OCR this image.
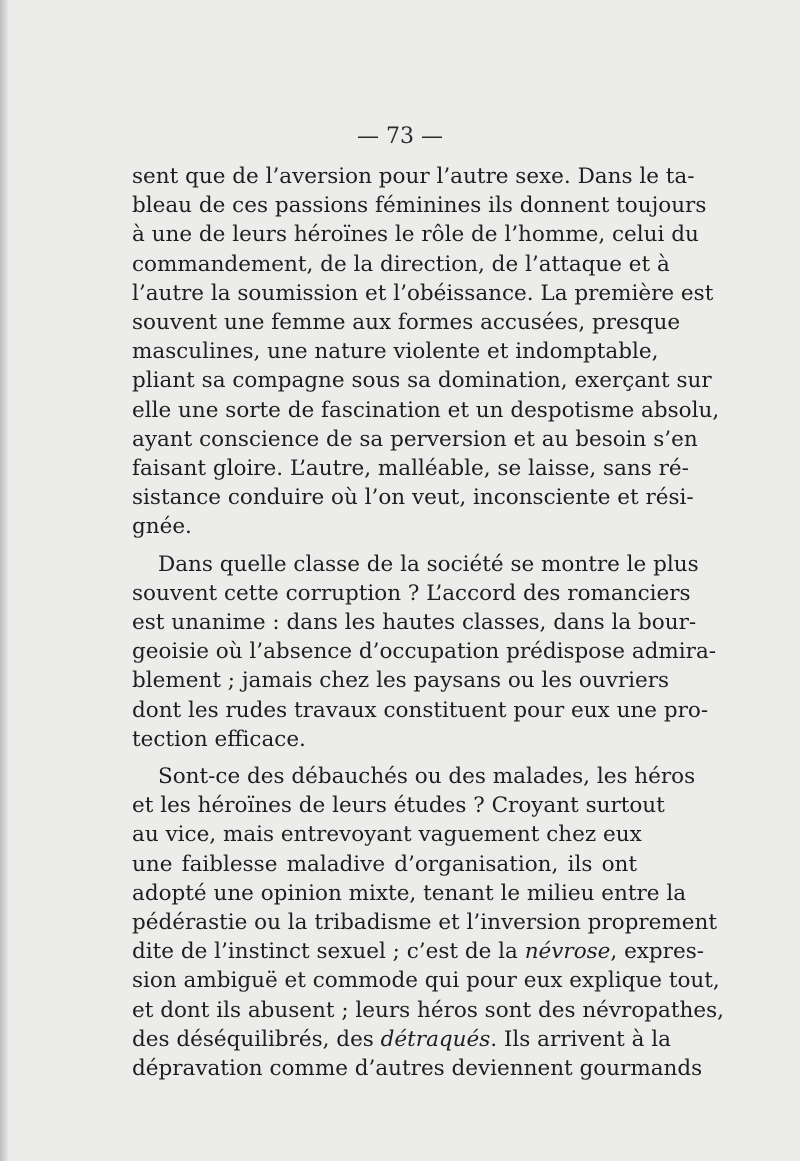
— 73 —
sent que de l’aversion pour l’autre sexe. Dans le ta-
bleau de ces passions féminines ils donnent toujours
à une de leurs héroïnes le rôle de l’homme, celui du
commandement, de la direction, de l’attaque et à
l’autre la soumission et l’obéissance. La première est
souvent une femme aux formes accusées, presque
masculines, une nature violente et indomptable,
pliant sa compagne sous sa domination, exerçant sur
elle une sorte de fascination et un despotisme absolu,
ayant conscience de sa perversion et au besoin s’en
faisant gloire. L’autre, malléable, se laisse, sans ré-
sistance conduire où l’on veut, inconsciente et rési-
gnée.
Dans quelle classe de la société se montre le plus
souvent cette corruption ? L’accord des romanciers
est unanime : dans les hautes classes, dans la bour-
geoisie où l’absence d’occupation prédispose admira-
blement ; jamais chez les paysans ou les ouvriers
dont les rudes travaux constituent pour eux une pro-
tection efficace.
Sont-ce des débauchés ou des malades, les héros
et les héroïnes de leurs études ? Croyant surtout
au vice, mais entrevoyant vaguement chez eux
une faiblesse maladive d’organisation, ils ont
adopté une opinion mixte, tenant le milieu entre la
pédérastie ou la tribadisme et l’inversion proprement
dite de l’instinct sexuel ; c’est de la névrose, expres-
sion ambiguë et commode qui pour eux explique tout,
et dont ils abusent ; leurs héros sont des névropathes,
des déséquilibrés, des détraqués. Ils arrivent à la
dépravation comme d’autres deviennent gourmands
